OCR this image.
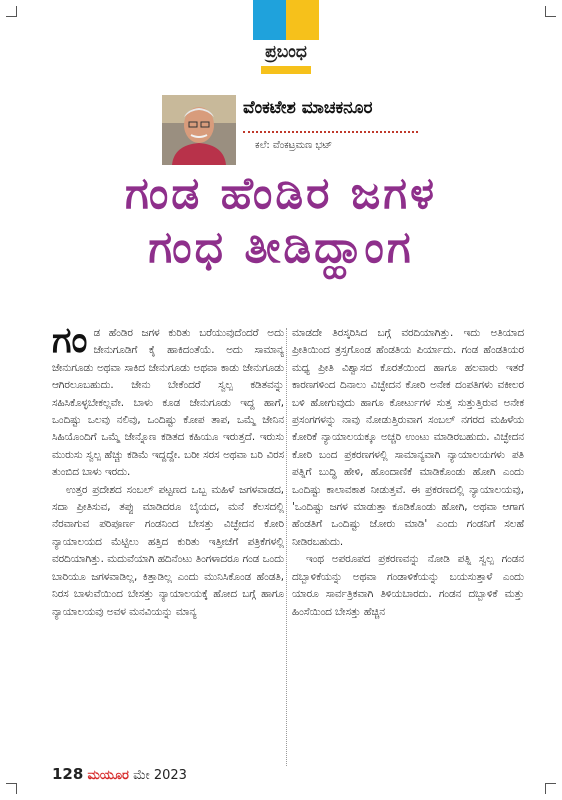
ಪ್ರಬಂಧ
ವೆಂಕಟೇಶ ಮಾಚಕನೂರ
ಕಲೆ: ವೆಂಕಟ್ರಮಣ ಭಟ್
ಗಂಡ ಹೆಂಡಿರ ಜಗಳ
ಗಂಧ ತೀಡಿದ್ಹಾಂಗ

ಗಂ ಡ ಹೆಂಡಿರ ಜಗಳ ಕುರಿತು ಬರೆಯುವುದೆಂದರೆ ಅದು ಜೇನುಗೂಡಿಗೆ ಕೈ ಹಾಕಿದಂತೆಯೆ. ಅದು ಸಾಮಾನ್ಯ ಜೇನುಗೂಡು ಅಥವಾ ಸಾಕಿದ ಜೇನುಗೂಡು ಅಥವಾ ಕಾಡು ಜೇನುಗೂಡು ಆಗಿರಲೂಬಹುದು. ಜೇನು ಬೇಕೆಂದರೆ ಸ್ವಲ್ಪ ಕಡಿತವನ್ನು ಸಹಿಸಿಕೊಳ್ಳಬೇಕಲ್ಲವೇ. ಬಾಳು ಕೂಡ ಜೇನುಗೂಡು ಇದ್ದ ಹಾಗೆ, ಒಂದಿಷ್ಟು ಒಲವು ನಲಿವು, ಒಂದಿಷ್ಟು ಕೋಪ ತಾಪ, ಒಮ್ಮೆ ಜೇನಿನ ಸಿಹಿಯೊಂದಿಗೆ ಒಮ್ಮೆ ಜೇನ್ನೊಣ ಕಡಿತದ ಕಹಿಯೂ ಇರುತ್ತದೆ. ಇರುಸು ಮುರುಸು ಸ್ವಲ್ಪ ಹೆಚ್ಚು ಕಡಿಮೆ ಇದ್ದದ್ದೇ. ಬರೀ ಸರಸ ಅಥವಾ ಬರಿ ವಿರಸ ತುಂಬಿದ ಬಾಳು ಇರದು.

ಉತ್ತರ ಪ್ರದೇಶದ ಸಂಬಲ್ ಪಟ್ಟಣದ ಒಬ್ಬ ಮಹಿಳೆ ಜಗಳವಾಡದ, ಸದಾ ಪ್ರೀತಿಸುವ, ತಪ್ಪು ಮಾಡಿದರೂ ಬೈಯದ, ಮನೆ ಕೆಲಸದಲ್ಲಿ ನೆರವಾಗುವ ಪರಿಪೂರ್ಣ ಗಂಡನಿಂದ ಬೇಸತ್ತು ವಿಚ್ಛೇದನ ಕೋರಿ ನ್ಯಾಯಾಲಯದ ಮೆಟ್ಟಿಲು ಹತ್ತಿದ ಕುರಿತು ಇತ್ತೀಚೆಗೆ ಪತ್ರಿಕೆಗಳಲ್ಲಿ ವರದಿಯಾಗಿತ್ತು. ಮದುವೆಯಾಗಿ ಹದಿನೆಂಟು ತಿಂಗಳಾದರೂ ಗಂಡ ಒಂದು ಬಾರಿಯೂ ಜಗಳವಾಡಿಲ್ಲ, ಕಿತ್ತಾಡಿಲ್ಲ ಎಂದು ಮುನಿಸಿಕೊಂಡ ಹೆಂಡತಿ, ನಿರಸ ಬಾಳುವೆಯಿಂದ ಬೇಸತ್ತು ನ್ಯಾಯಾಲಯಕ್ಕೆ ಹೋದ ಬಗ್ಗೆ ಹಾಗೂ ನ್ಯಾಯಾಲಯವು ಅವಳ ಮನವಿಯನ್ನು ಮಾನ್ಯ

ಮಾಡದೇ ತಿರಸ್ಕರಿಸಿದ ಬಗ್ಗೆ ವರದಿಯಾಗಿತ್ತು. ಇದು ಅತಿಯಾದ ಪ್ರೀತಿಯಿಂದ ತ್ರಸ್ತಗೊಂಡ ಹೆಂಡತಿಯ ಪಿರ್ಯಾದು. ಗಂಡ ಹೆಂಡತಿಯರ ಮಧ್ಯ ಪ್ರೀತಿ ವಿಶ್ವಾಸದ ಕೊರತೆಯಿಂದ ಹಾಗೂ ಹಲವಾರು ಇತರೆ ಕಾರಣಗಳಿಂದ ದಿನಾಲು ವಿಚ್ಛೇದನ ಕೋರಿ ಅನೇಕ ದಂಪತಿಗಳು ವಕೀಲರ ಬಳಿ ಹೋಗುವುದು ಹಾಗೂ ಕೋರ್ಟುಗಳ ಸುತ್ತ ಸುತ್ತುತ್ತಿರುವ ಅನೇಕ ಪ್ರಸಂಗಗಳನ್ನು ನಾವು ನೋಡುತ್ತಿರುವಾಗ ಸಂಬಲ್ ನಗರದ ಮಹಿಳೆಯ ಕೋರಿಕೆ ನ್ಯಾಯಾಲಯಕ್ಕೂ ಅಚ್ಚರಿ ಉಂಟು ಮಾಡಿರಬಹುದು. ವಿಚ್ಛೇದನ ಕೋರಿ ಬಂದ ಪ್ರಕರಣಗಳಲ್ಲಿ ಸಾಮಾನ್ಯವಾಗಿ ನ್ಯಾಯಾಲಯಗಳು ಪತಿ ಪತ್ನಿಗೆ ಬುದ್ಧಿ ಹೇಳಿ, ಹೊಂದಾಣಿಕೆ ಮಾಡಿಕೊಂಡು ಹೋಗಿ ಎಂದು ಒಂದಿಷ್ಟು ಕಾಲಾವಕಾಶ ನೀಡುತ್ತವೆ. ಈ ಪ್ರಕರಣದಲ್ಲಿ ನ್ಯಾಯಾಲಯವು, 'ಒಂದಿಷ್ಟು ಜಗಳ ಮಾಡುತ್ತಾ ಕೂಡಿಕೊಂಡು ಹೋಗಿ, ಅಥವಾ ಆಗಾಗ ಹೆಂಡತಿಗೆ ಒಂದಿಷ್ಟು ಜೋರು ಮಾಡಿ' ಎಂದು ಗಂಡನಿಗೆ ಸಲಹೆ ನೀಡಿರಬಹುದು.

ಇಂಥ ಅಪರೂಪದ ಪ್ರಕರಣವನ್ನು ನೋಡಿ ಪತ್ನಿ ಸ್ವಲ್ಪ ಗಂಡನ ದಬ್ಬಾಳಿಕೆಯನ್ನು ಅಥವಾ ಗಂಡಾಳಿಕೆಯನ್ನು ಬಯಸುತ್ತಾಳೆ ಎಂದು ಯಾರೂ ಸಾರ್ವತ್ರಿಕವಾಗಿ ತಿಳಿಯಬಾರದು. ಗಂಡನ ದಬ್ಬಾಳಿಕೆ ಮತ್ತು ಹಿಂಸೆಯಿಂದ ಬೇಸತ್ತು ಹೆಚ್ಚಿನ

128 ಮಯೂರ ಮೇ 2023
